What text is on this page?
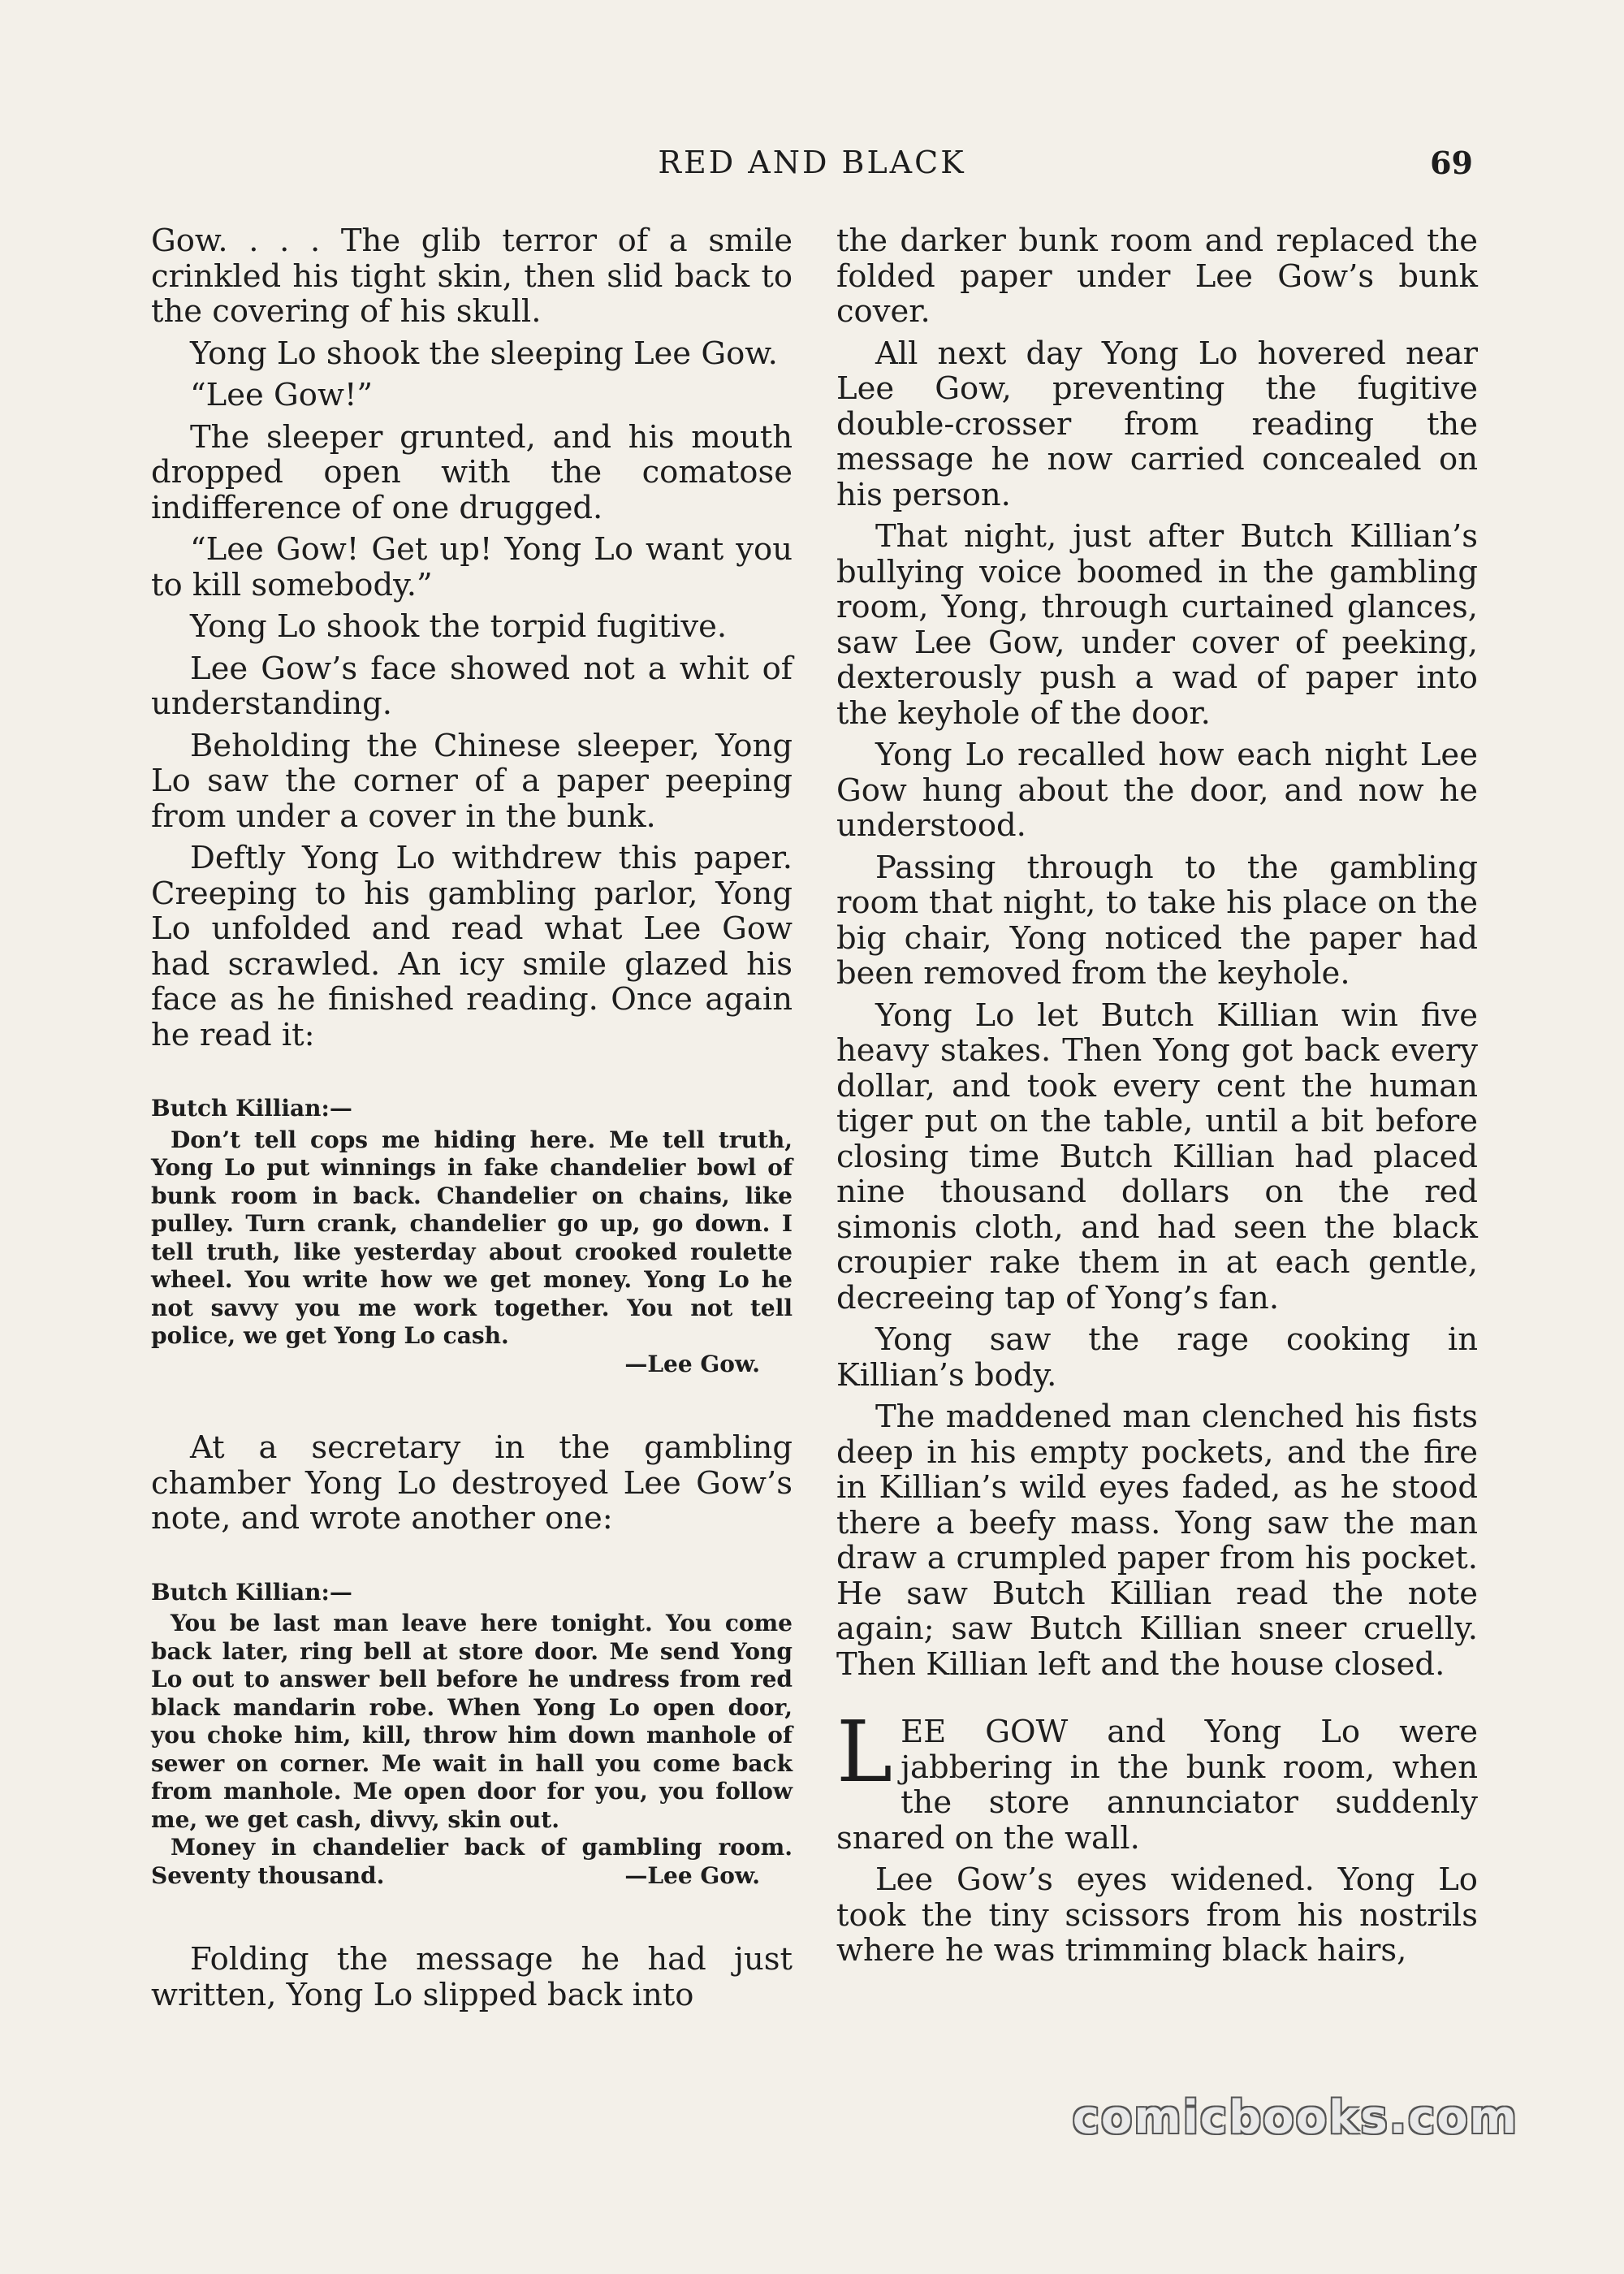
RED AND BLACK	69

Gow. . . . The glib terror of a smile crinkled his tight skin, then slid back to the covering of his skull.

Yong Lo shook the sleeping Lee Gow.

“Lee Gow!”

The sleeper grunted, and his mouth dropped open with the comatose indifference of one drugged.

“Lee Gow! Get up! Yong Lo want you to kill somebody.”

Yong Lo shook the torpid fugitive.

Lee Gow’s face showed not a whit of understanding.

Beholding the Chinese sleeper, Yong Lo saw the corner of a paper peeping from under a cover in the bunk.

Deftly Yong Lo withdrew this paper. Creeping to his gambling parlor, Yong Lo unfolded and read what Lee Gow had scrawled. An icy smile glazed his face as he finished reading. Once again he read it:

Butch Killian:—
Don’t tell cops me hiding here. Me tell truth, Yong Lo put winnings in fake chandelier bowl of bunk room in back. Chandelier on chains, like pulley. Turn crank, chandelier go up, go down. I tell truth, like yesterday about crooked roulette wheel. You write how we get money. Yong Lo he not savvy you me work together. You not tell police, we get Yong Lo cash.
—Lee Gow.

At a secretary in the gambling chamber Yong Lo destroyed Lee Gow’s note, and wrote another one:

Butch Killian:—
You be last man leave here tonight. You come back later, ring bell at store door. Me send Yong Lo out to answer bell before he undress from red black mandarin robe. When Yong Lo open door, you choke him, kill, throw him down manhole of sewer on corner. Me wait in hall you come back from manhole. Me open door for you, you follow me, we get cash, divvy, skin out.
Money in chandelier back of gambling room. Seventy thousand.	—Lee Gow.

Folding the message he had just written, Yong Lo slipped back into

the darker bunk room and replaced the folded paper under Lee Gow’s bunk cover.

All next day Yong Lo hovered near Lee Gow, preventing the fugitive double-crosser from reading the message he now carried concealed on his person.

That night, just after Butch Killian’s bullying voice boomed in the gambling room, Yong, through curtained glances, saw Lee Gow, under cover of peeking, dexterously push a wad of paper into the keyhole of the door.

Yong Lo recalled how each night Lee Gow hung about the door, and now he understood.

Passing through to the gambling room that night, to take his place on the big chair, Yong noticed the paper had been removed from the keyhole.

Yong Lo let Butch Killian win five heavy stakes. Then Yong got back every dollar, and took every cent the human tiger put on the table, until a bit before closing time Butch Killian had placed nine thousand dollars on the red simonis cloth, and had seen the black croupier rake them in at each gentle, decreeing tap of Yong’s fan.

Yong saw the rage cooking in Killian’s body.

The maddened man clenched his fists deep in his empty pockets, and the fire in Killian’s wild eyes faded, as he stood there a beefy mass. Yong saw the man draw a crumpled paper from his pocket. He saw Butch Killian read the note again; saw Butch Killian sneer cruelly. Then Killian left and the house closed.

LEE GOW and Yong Lo were jabbering in the bunk room, when the store annunciator suddenly snared on the wall.

Lee Gow’s eyes widened. Yong Lo took the tiny scissors from his nostrils where he was trimming black hairs,

comicbooks.com
